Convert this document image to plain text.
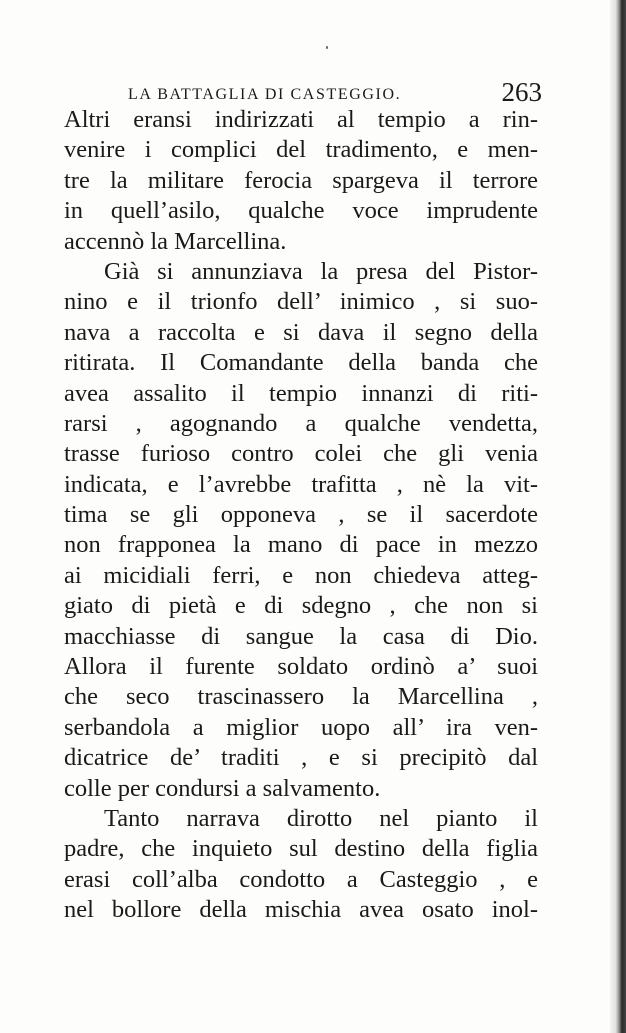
LA BATTAGLIA DI CASTEGGIO.	263
Altri eransi indirizzati al tempio a rin-
venire i complici del tradimento, e men-
tre la militare ferocia spargeva il terrore
in quell’asilo, qualche voce imprudente
accennò la Marcellina.
Già si annunziava la presa del Pistor-
nino e il trionfo dell’ inimico , si suo-
nava a raccolta e si dava il segno della
ritirata. Il Comandante della banda che
avea assalito il tempio innanzi di riti-
rarsi , agognando a qualche vendetta,
trasse furioso contro colei che gli venia
indicata, e l’avrebbe trafitta , nè la vit-
tima se gli opponeva , se il sacerdote
non frapponea la mano di pace in mezzo
ai micidiali ferri, e non chiedeva atteg-
giato di pietà e di sdegno , che non si
macchiasse di sangue la casa di Dio.
Allora il furente soldato ordinò a’ suoi
che seco trascinassero la Marcellina ,
serbandola a miglior uopo all’ ira ven-
dicatrice de’ traditi , e si precipitò dal
colle per condursi a salvamento.
Tanto narrava dirotto nel pianto il
padre, che inquieto sul destino della figlia
erasi coll’alba condotto a Casteggio , e
nel bollore della mischia avea osato inol-
